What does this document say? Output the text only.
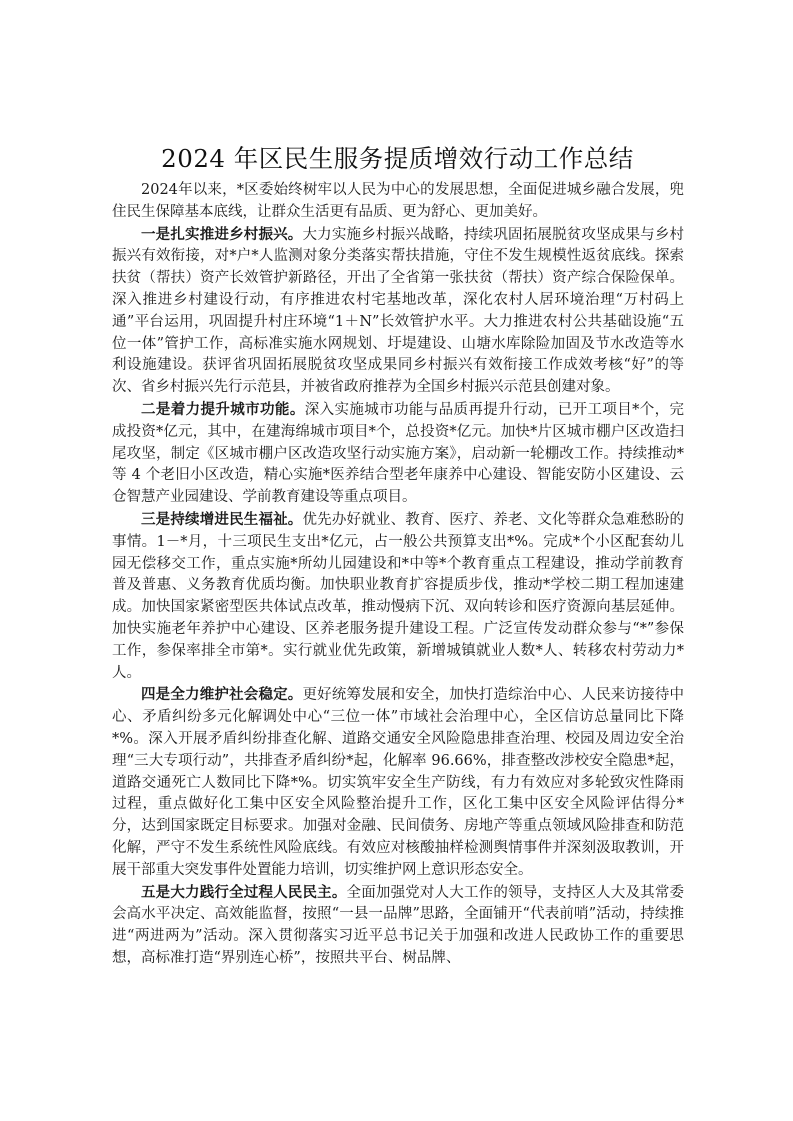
2024 年区民生服务提质增效行动工作总结

2024年以来，*区委始终树牢以人民为中心的发展思想，全面促进城乡融合发展，兜住民生保障基本底线，让群众生活更有品质、更为舒心、更加美好。

一是扎实推进乡村振兴。大力实施乡村振兴战略，持续巩固拓展脱贫攻坚成果与乡村振兴有效衔接，对*户*人监测对象分类落实帮扶措施，守住不发生规模性返贫底线。探索扶贫（帮扶）资产长效管护新路径，开出了全省第一张扶贫（帮扶）资产综合保险保单。深入推进乡村建设行动，有序推进农村宅基地改革，深化农村人居环境治理“万村码上通”平台运用，巩固提升村庄环境“1＋N”长效管护水平。大力推进农村公共基础设施“五位一体”管护工作，高标准实施水网规划、圩堤建设、山塘水库除险加固及节水改造等水利设施建设。获评省巩固拓展脱贫攻坚成果同乡村振兴有效衔接工作成效考核“好”的等次、省乡村振兴先行示范县，并被省政府推荐为全国乡村振兴示范县创建对象。

二是着力提升城市功能。深入实施城市功能与品质再提升行动，已开工项目*个，完成投资*亿元，其中，在建海绵城市项目*个，总投资*亿元。加快*片区城市棚户区改造扫尾攻坚，制定《区城市棚户区改造攻坚行动实施方案》，启动新一轮棚改工作。持续推动*等 4 个老旧小区改造，精心实施*医养结合型老年康养中心建设、智能安防小区建设、云仓智慧产业园建设、学前教育建设等重点项目。

三是持续增进民生福祉。优先办好就业、教育、医疗、养老、文化等群众急难愁盼的事情。1－*月，十三项民生支出*亿元，占一般公共预算支出*%。完成*个小区配套幼儿园无偿移交工作，重点实施*所幼儿园建设和*中等*个教育重点工程建设，推动学前教育普及普惠、义务教育优质均衡。加快职业教育扩容提质步伐，推动*学校二期工程加速建成。加快国家紧密型医共体试点改革，推动慢病下沉、双向转诊和医疗资源向基层延伸。加快实施老年养护中心建设、区养老服务提升建设工程。广泛宣传发动群众参与“*”参保工作，参保率排全市第*。实行就业优先政策，新增城镇就业人数*人、转移农村劳动力*人。

四是全力维护社会稳定。更好统筹发展和安全，加快打造综治中心、人民来访接待中心、矛盾纠纷多元化解调处中心“三位一体”市域社会治理中心，全区信访总量同比下降*%。深入开展矛盾纠纷排查化解、道路交通安全风险隐患排查治理、校园及周边安全治理“三大专项行动”，共排查矛盾纠纷*起，化解率 96.66%，排查整改涉校安全隐患*起，道路交通死亡人数同比下降*%。切实筑牢安全生产防线，有力有效应对多轮致灾性降雨过程，重点做好化工集中区安全风险整治提升工作，区化工集中区安全风险评估得分*分，达到国家既定目标要求。加强对金融、民间债务、房地产等重点领域风险排查和防范化解，严守不发生系统性风险底线。有效应对核酸抽样检测舆情事件并深刻汲取教训，开展干部重大突发事件处置能力培训，切实维护网上意识形态安全。

五是大力践行全过程人民民主。全面加强党对人大工作的领导，支持区人大及其常委会高水平决定、高效能监督，按照“一县一品牌”思路，全面铺开“代表前哨”活动，持续推进“两进两为”活动。深入贯彻落实习近平总书记关于加强和改进人民政协工作的重要思想，高标准打造“界别连心桥”，按照共平台、树品牌、
